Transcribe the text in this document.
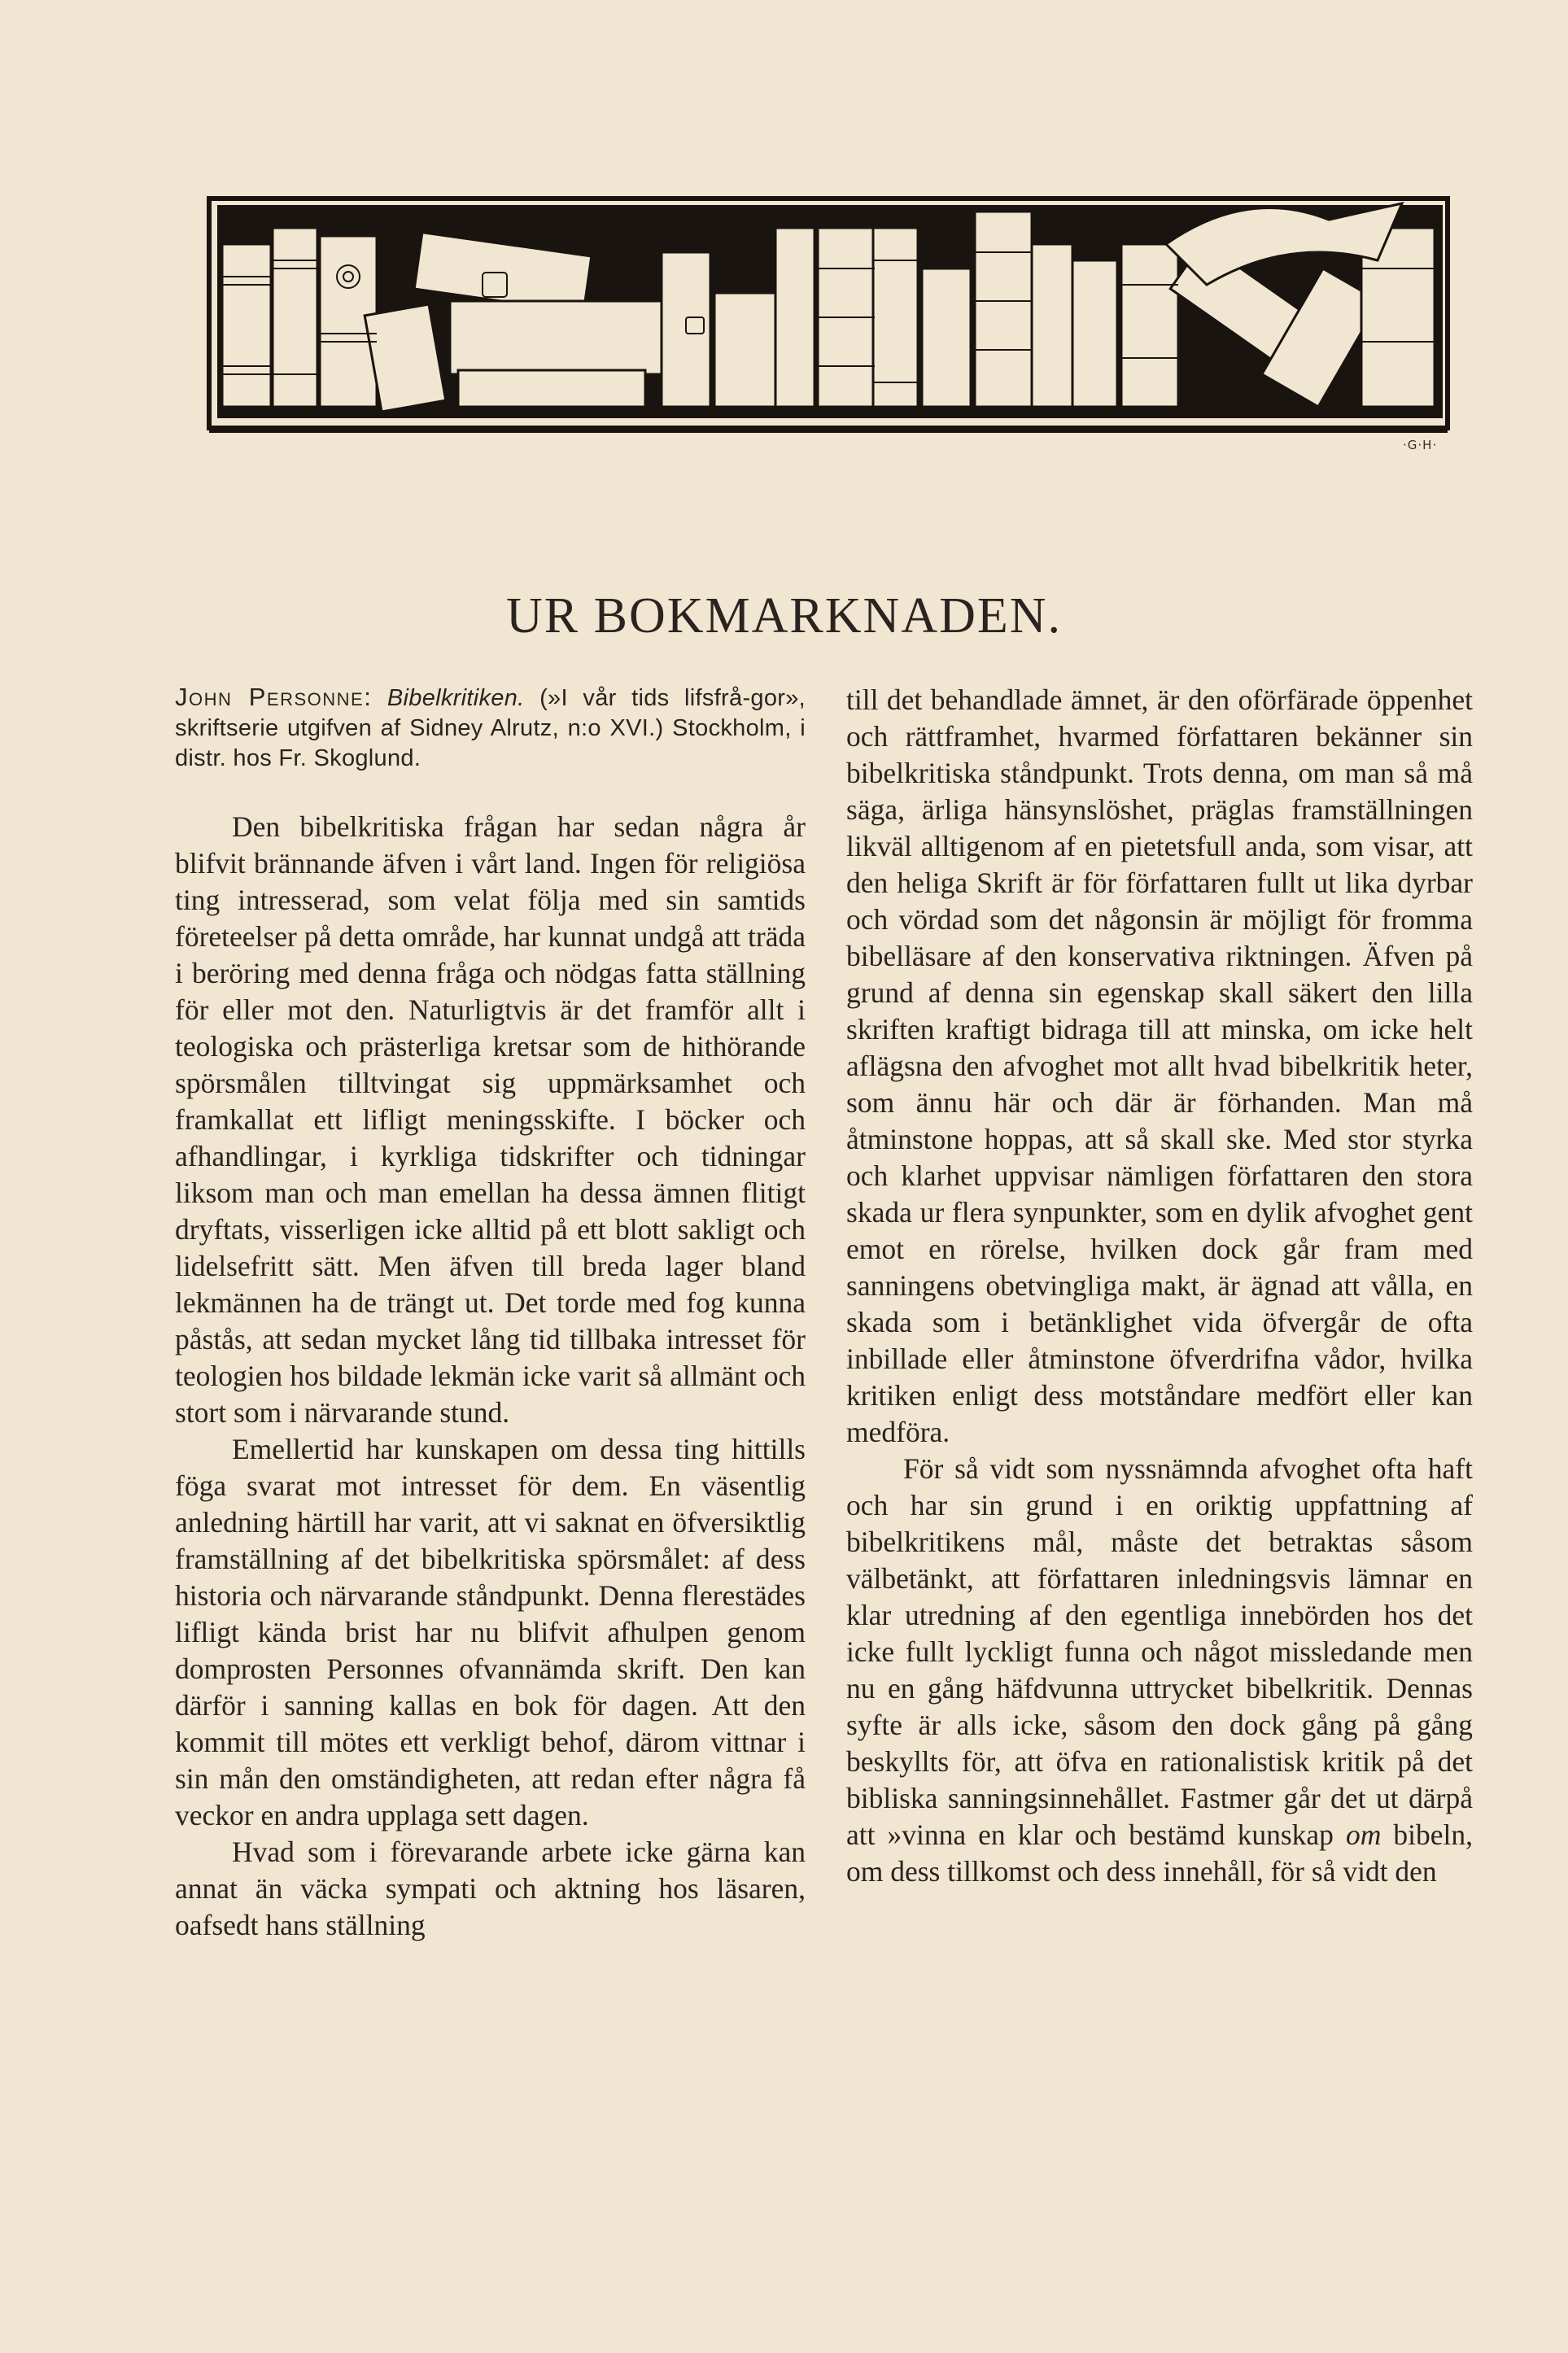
·G·H·
UR BOKMARKNADEN.

John Personne: Bibelkritiken. (»I vår tids lifsfrå-gor», skriftserie utgifven af Sidney Alrutz, n:o XVI.) Stockholm, i distr. hos Fr. Skoglund.

Den bibelkritiska frågan har sedan några år blifvit brännande äfven i vårt land. Ingen för religiösa ting intresserad, som velat följa med sin samtids företeelser på detta område, har kunnat undgå att träda i beröring med denna fråga och nödgas fatta ställning för eller mot den. Naturligtvis är det framför allt i teologiska och prästerliga kretsar som de hithörande spörsmålen tilltvingat sig uppmärksamhet och framkallat ett lifligt meningsskifte. I böcker och afhandlingar, i kyrkliga tidskrifter och tidningar liksom man och man emellan ha dessa ämnen flitigt dryftats, visserligen icke alltid på ett blott sakligt och lidelsefritt sätt. Men äfven till breda lager bland lekmännen ha de trängt ut. Det torde med fog kunna påstås, att sedan mycket lång tid tillbaka intresset för teologien hos bildade lekmän icke varit så allmänt och stort som i närvarande stund.

Emellertid har kunskapen om dessa ting hittills föga svarat mot intresset för dem. En väsentlig anledning härtill har varit, att vi saknat en öfversiktlig framställning af det bibelkritiska spörsmålet: af dess historia och närvarande ståndpunkt. Denna flerestädes lifligt kända brist har nu blifvit afhulpen genom domprosten Personnes ofvannämda skrift. Den kan därför i sanning kallas en bok för dagen. Att den kommit till mötes ett verkligt behof, därom vittnar i sin mån den omständigheten, att redan efter några få veckor en andra upplaga sett dagen.

Hvad som i förevarande arbete icke gärna kan annat än väcka sympati och aktning hos läsaren, oafsedt hans ställning

till det behandlade ämnet, är den oförfärade öppenhet och rättframhet, hvarmed författaren bekänner sin bibelkritiska ståndpunkt. Trots denna, om man så må säga, ärliga hänsynslöshet, präglas framställningen likväl alltigenom af en pietetsfull anda, som visar, att den heliga Skrift är för författaren fullt ut lika dyrbar och vördad som det någonsin är möjligt för fromma bibelläsare af den konservativa riktningen. Äfven på grund af denna sin egenskap skall säkert den lilla skriften kraftigt bidraga till att minska, om icke helt aflägsna den afvoghet mot allt hvad bibelkritik heter, som ännu här och där är förhanden. Man må åtminstone hoppas, att så skall ske. Med stor styrka och klarhet uppvisar nämligen författaren den stora skada ur flera synpunkter, som en dylik afvoghet gent emot en rörelse, hvilken dock går fram med sanningens obetvingliga makt, är ägnad att vålla, en skada som i betänklighet vida öfvergår de ofta inbillade eller åtminstone öfverdrifna vådor, hvilka kritiken enligt dess motståndare medfört eller kan medföra.

För så vidt som nyssnämnda afvoghet ofta haft och har sin grund i en oriktig uppfattning af bibelkritikens mål, måste det betraktas såsom välbetänkt, att författaren inledningsvis lämnar en klar utredning af den egentliga innebörden hos det icke fullt lyckligt funna och något missledande men nu en gång häfdvunna uttrycket bibelkritik. Dennas syfte är alls icke, såsom den dock gång på gång beskyllts för, att öfva en rationalistisk kritik på det bibliska sanningsinnehållet. Fastmer går det ut därpå att »vinna en klar och bestämd kunskap om bibeln, om dess tillkomst och dess innehåll, för så vidt den
